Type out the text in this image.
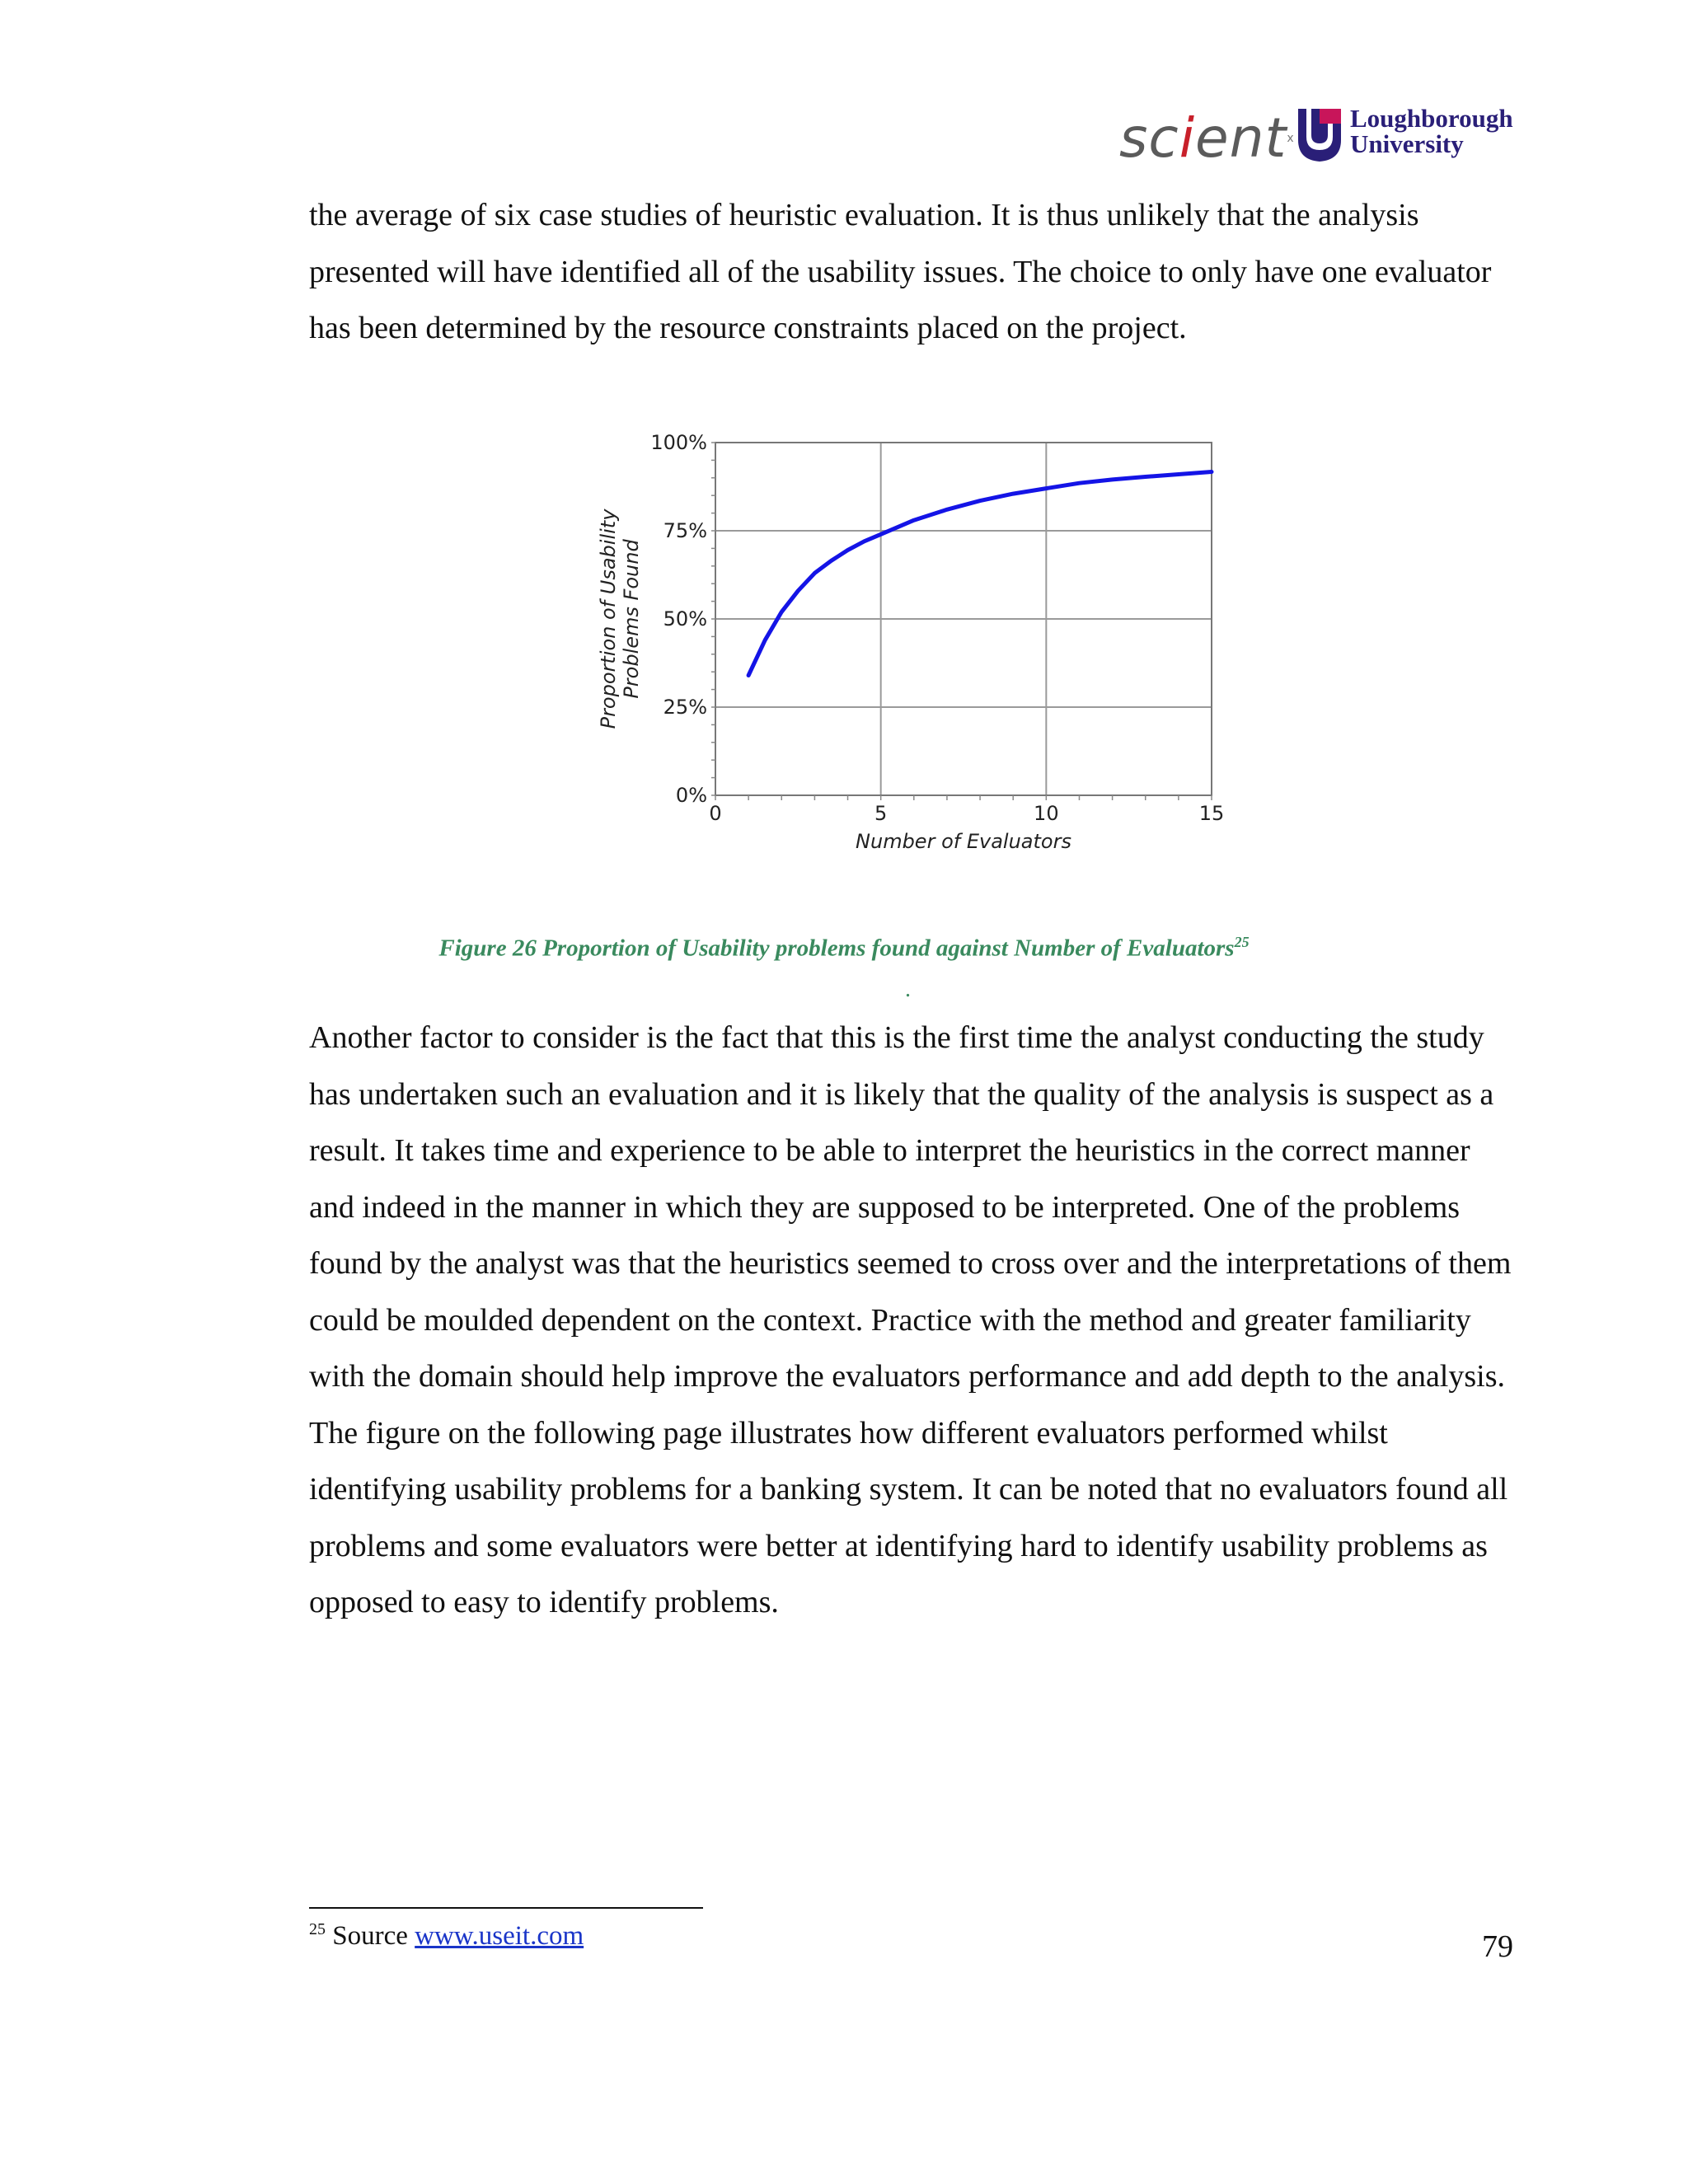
scientx
Loughborough
University

the average of six case studies of heuristic evaluation. It is thus unlikely that the analysis presented will have identified all of the usability issues. The choice to only have one evaluator has been determined by the resource constraints placed on the project.

0%
25%
50%
75%
100%
0	5	10	15
Number of Evaluators
Proportion of Usability Problems Found
Figure 26 Proportion of Usability problems found against Number of Evaluators$^{25}$
.

Another factor to consider is the fact that this is the first time the analyst conducting the study has undertaken such an evaluation and it is likely that the quality of the analysis is suspect as a result. It takes time and experience to be able to interpret the heuristics in the correct manner and indeed in the manner in which they are supposed to be interpreted. One of the problems found by the analyst was that the heuristics seemed to cross over and the interpretations of them could be moulded dependent on the context. Practice with the method and greater familiarity with the domain should help improve the evaluators performance and add depth to the analysis. The figure on the following page illustrates how different evaluators performed whilst identifying usability problems for a banking system. It can be noted that no evaluators found all problems and some evaluators were better at identifying hard to identify usability problems as opposed to easy to identify problems.

$^{25}$ Source www.useit.com	79
